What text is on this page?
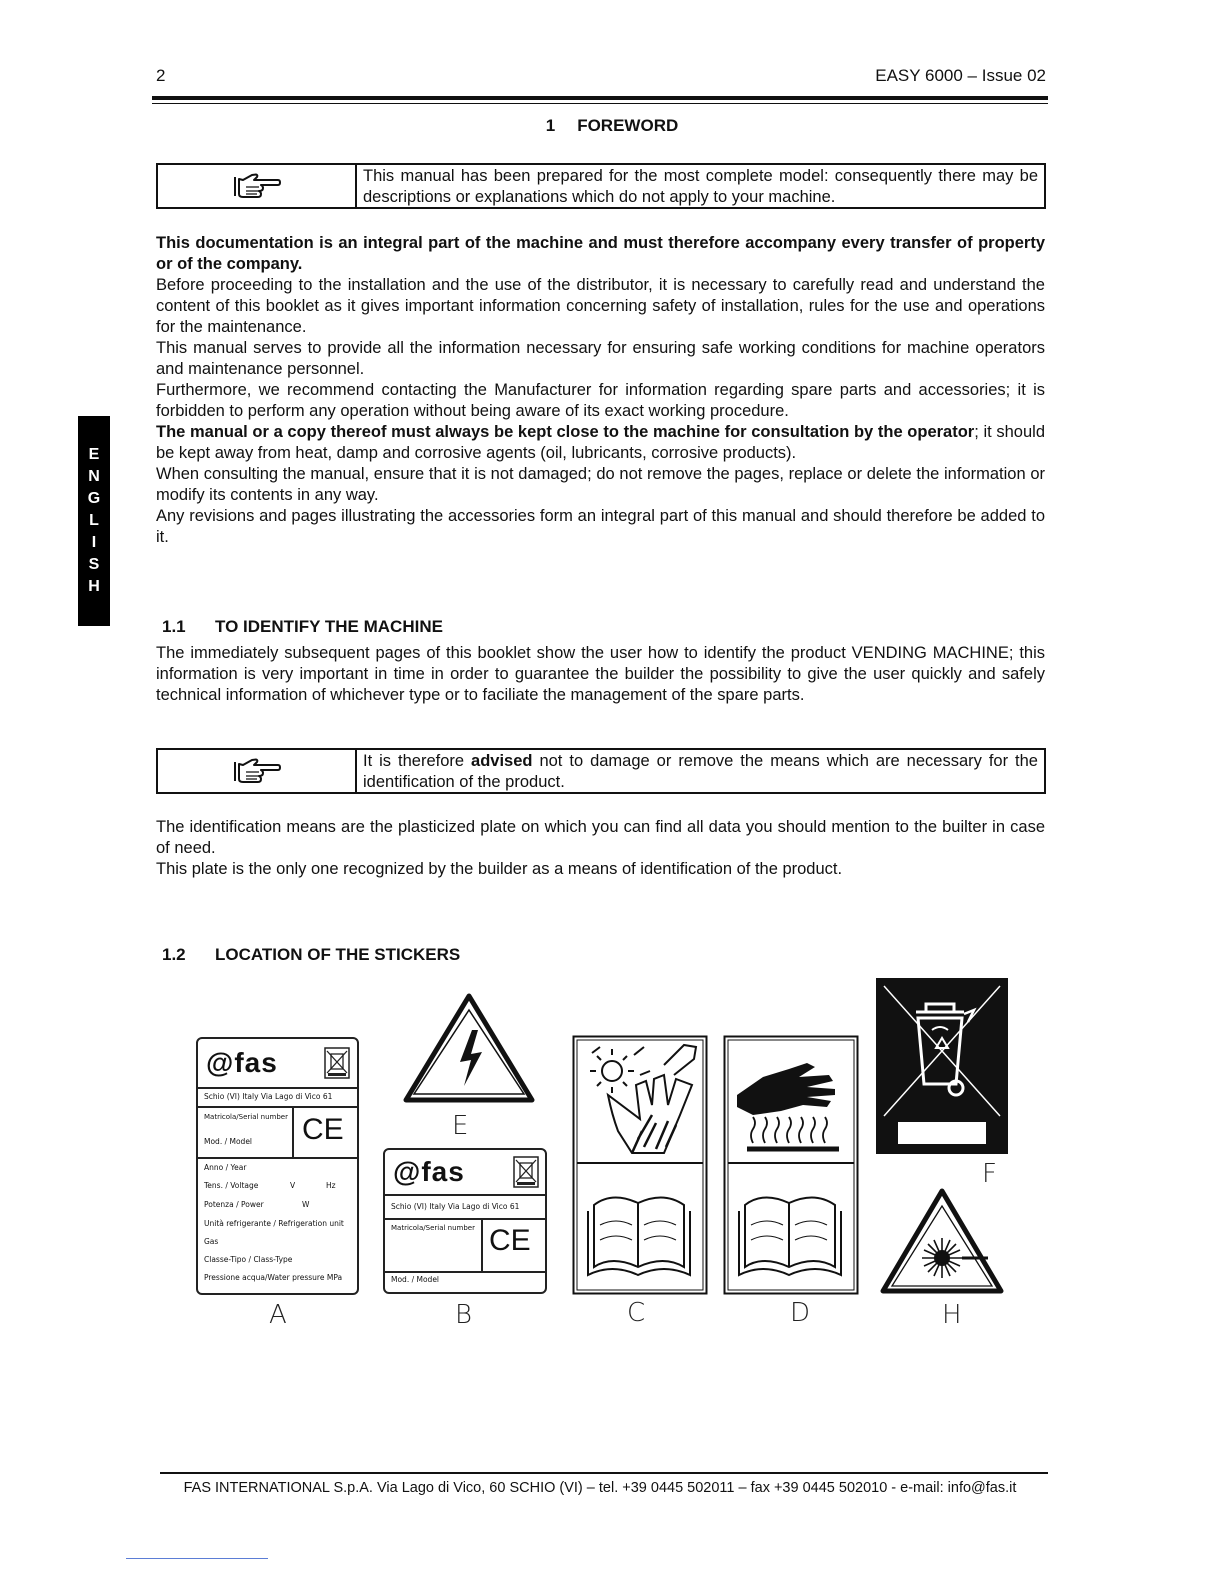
2	EASY 6000 – Issue 02
1 FOREWORD
This manual has been prepared for the most complete model: consequently there may be descriptions or explanations which do not apply to your machine.

This documentation is an integral part of the machine and must therefore accompany every transfer of property or of the company.

Before proceeding to the installation and the use of the distributor, it is necessary to carefully read and understand the content of this booklet as it gives important information concerning safety of installation, rules for the use and operations for the maintenance.

This manual serves to provide all the information necessary for ensuring safe working conditions for machine operators and maintenance personnel.

Furthermore, we recommend contacting the Manufacturer for information regarding spare parts and accessories; it is forbidden to perform any operation without being aware of its exact working procedure.

The manual or a copy thereof must always be kept close to the machine for consultation by the operator; it should be kept away from heat, damp and corrosive agents (oil, lubricants, corrosive products).

When consulting the manual, ensure that it is not damaged; do not remove the pages, replace or delete the information or modify its contents in any way.

Any revisions and pages illustrating the accessories form an integral part of this manual and should therefore be added to it.

E
N
G
L
I
S
H
1.1 TO IDENTIFY THE MACHINE
The immediately subsequent pages of this booklet show the user how to identify the product VENDING MACHINE; this information is very important in time in order to guarantee the builder the possibility to give the user quickly and safely technical information of whichever type or to faciliate the management of the spare parts.
It is therefore advised not to damage or remove the means which are necessary for the identification of the product.

The identification means are the plasticized plate on which you can find all data you should mention to the builter in case of need.

This plate is the only one recognized by the builder as a means of identification of the product.

1.2 LOCATION OF THE STICKERS
@fas
Schio (VI) Italy Via Lago di Vico 61
Matricola/Serial number
Mod. / Model CE
Anno / Year
Tens. / Voltage	V	Hz
Potenza / Power	W
Unità refrigerante / Refrigeration unit
Gas
Classe-Tipo / Class-Type
Pressione acqua/Water pressure MPa
A
E
@fas
Schio (VI) Italy Via Lago di Vico 61
Matricola/Serial number CE
Mod. / Model
B	C	D
F
H
FAS INTERNATIONAL S.p.A. Via Lago di Vico, 60 SCHIO (VI) – tel. +39 0445 502011 – fax +39 0445 502010 - e-mail: info@fas.it
